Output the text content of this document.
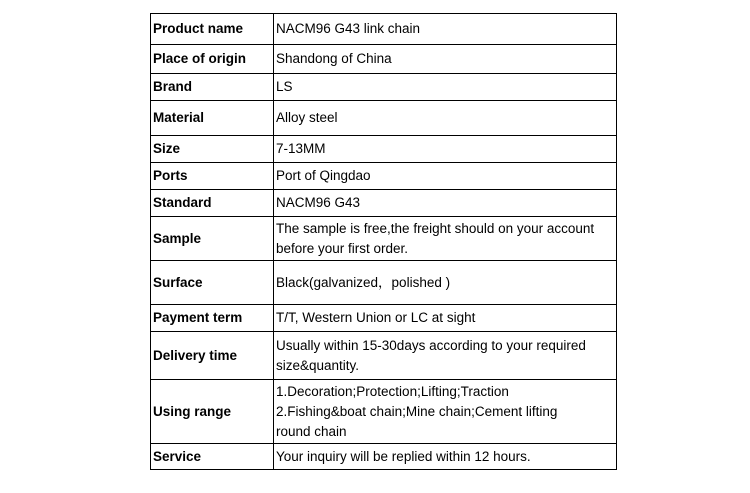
Product name	NACM96 G43 link chain

Place of origin	Shandong of China

Brand	LS

Material	Alloy steel

Size	7-13MM

Ports	Port of Qingdao

Standard	NACM96 G43

Sample	The sample is free,the freight should on your account
before your first order.

Surface	Black(galvanized，polished )

Payment term	T/T, Western Union or LC at sight

Delivery time	Usually within 15-30days according to your required
size&quantity.

Using range	1.Decoration;Protection;Lifting;Traction
2.Fishing&boat chain;Mine chain;Cement lifting
round chain

Service	Your inquiry will be replied within 12 hours.
